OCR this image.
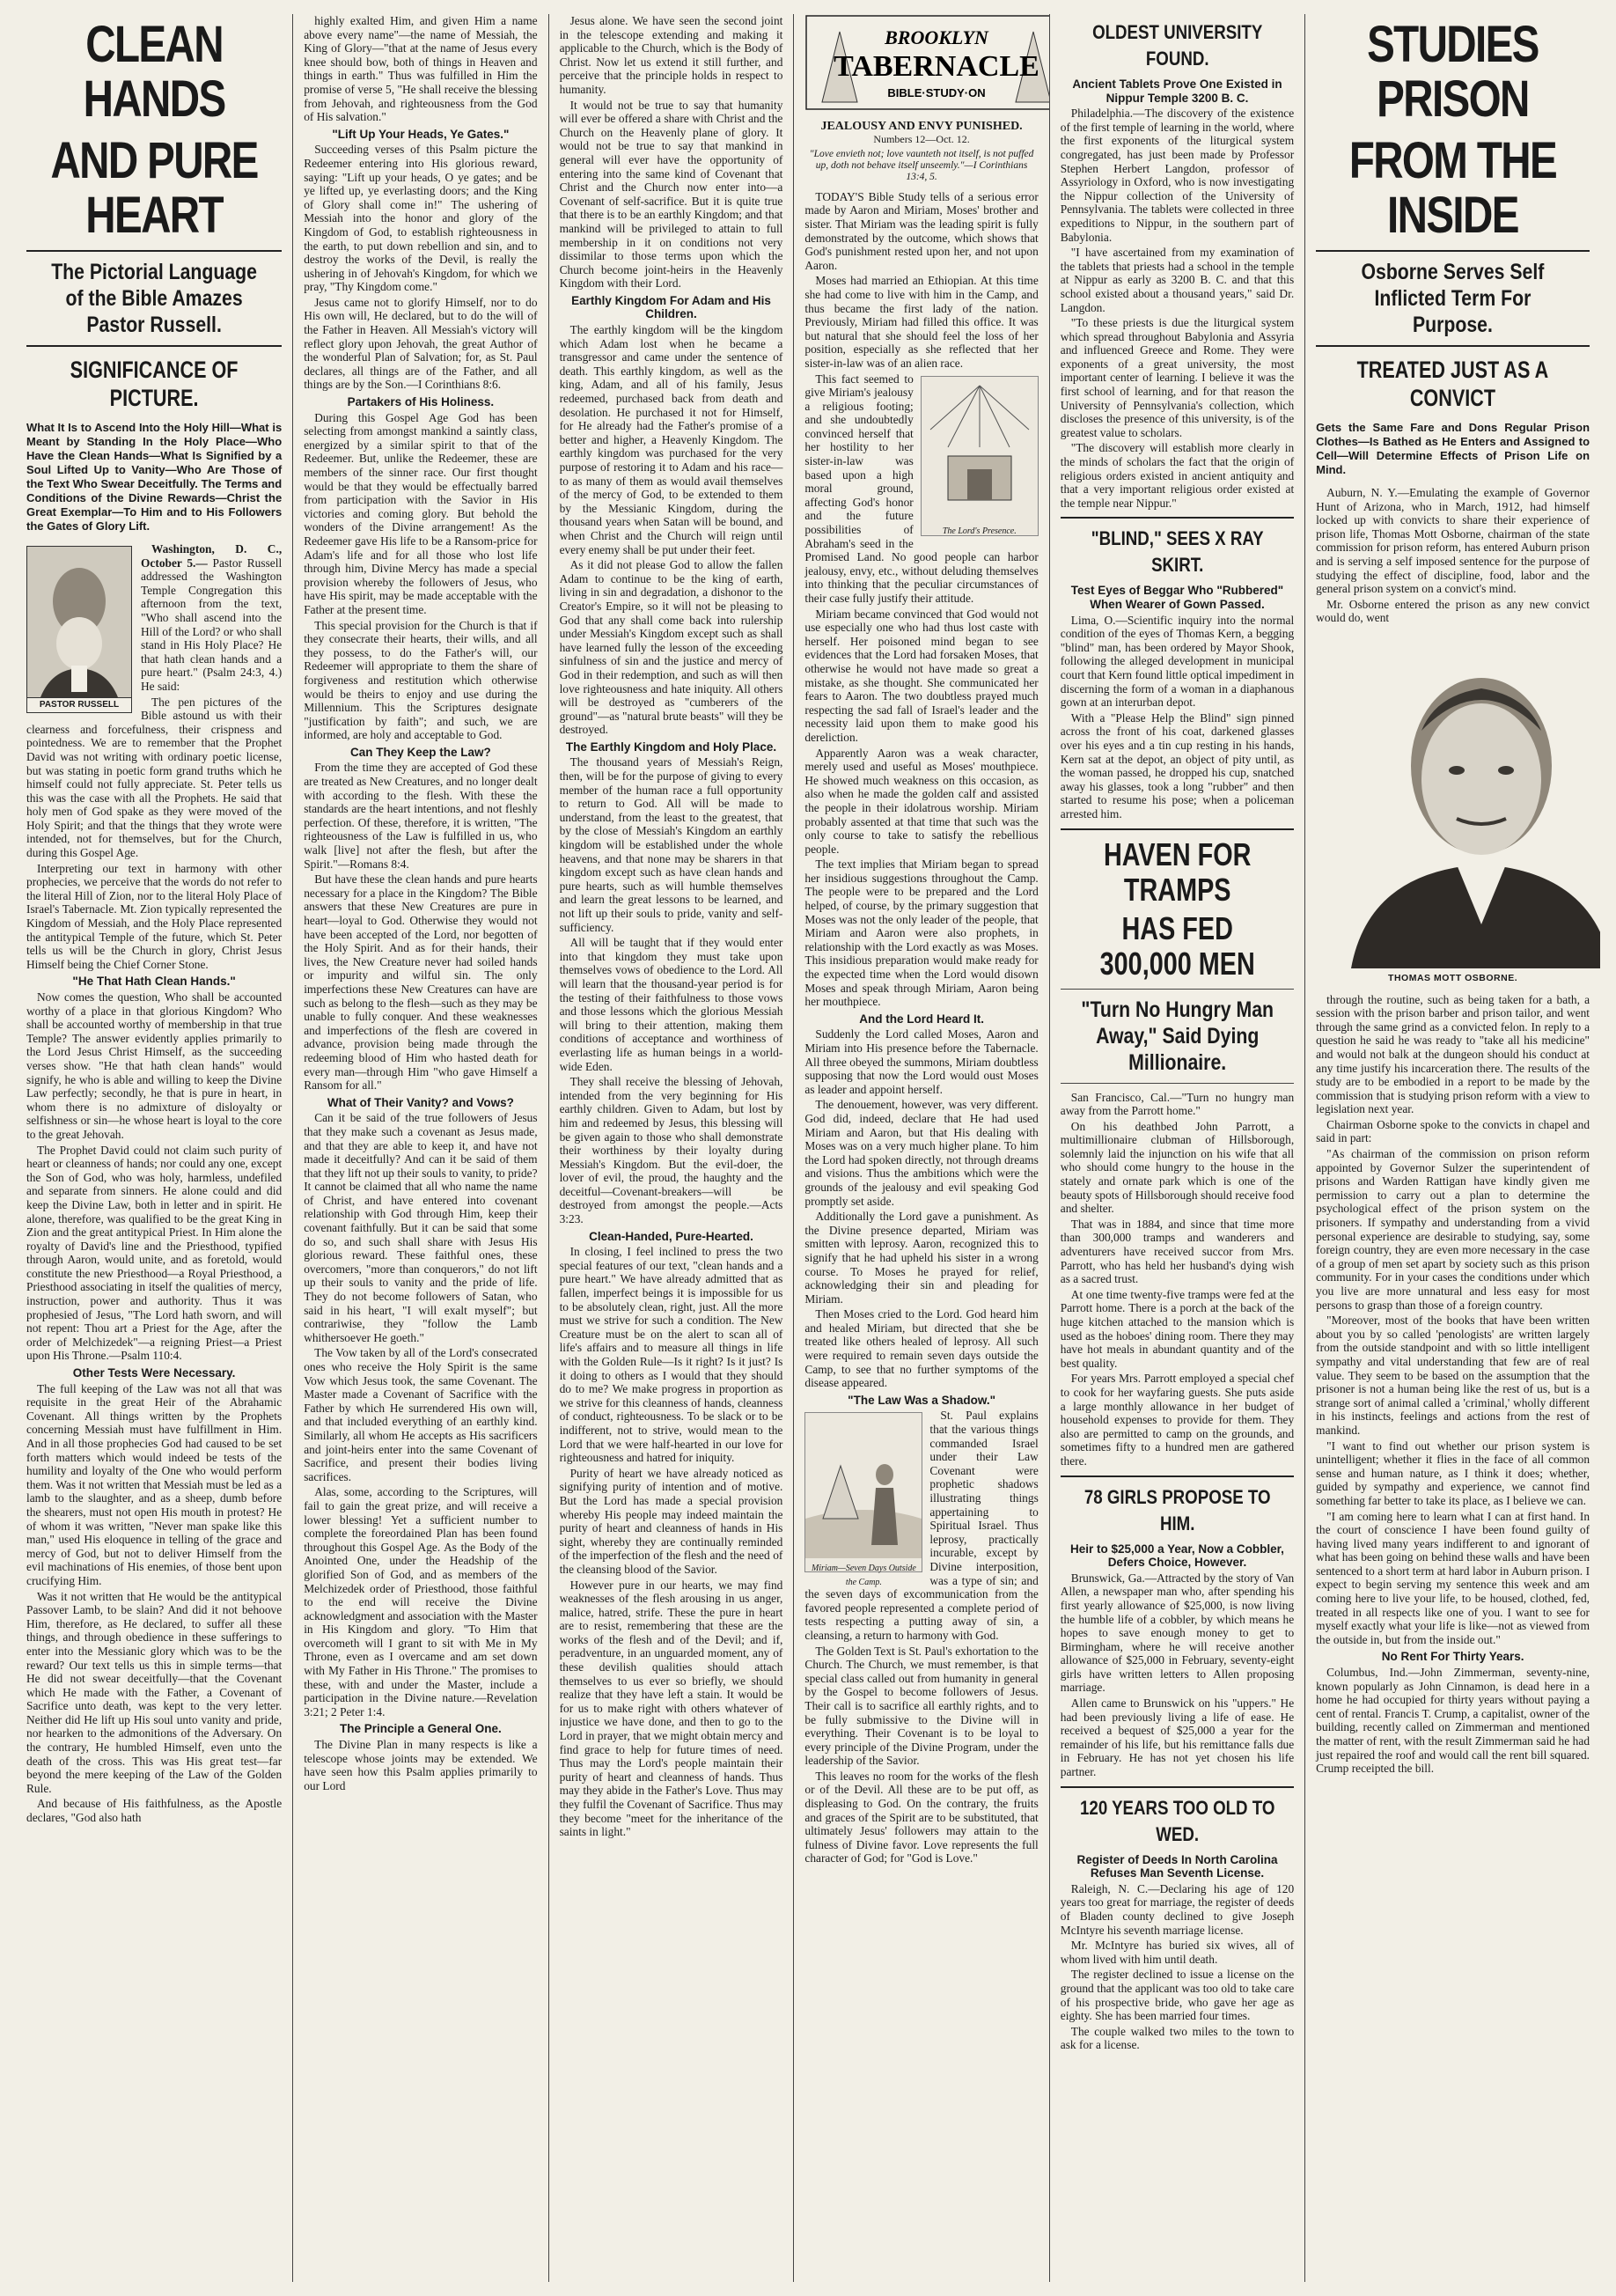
CLEAN HANDS
AND PURE HEART
The Pictorial Language of the Bible Amazes Pastor Russell.
SIGNIFICANCE OF PICTURE.
What It Is to Ascend Into the Holy Hill—What is Meant by Standing In the Holy Place—Who Have the Clean Hands—What Is Signified by a Soul Lifted Up to Vanity—Who Are Those of the Text Who Swear Deceitfully. The Terms and Conditions of the Divine Rewards—Christ the Great Exemplar—To Him and to His Followers the Gates of Glory Lift.
PASTOR RUSSELL

Washington, D. C., October 5.— Pastor Russell addressed the Washington Temple Congregation this afternoon from the text, "Who shall ascend into the Hill of the Lord? or who shall stand in His Holy Place? He that hath clean hands and a pure heart." (Psalm 24:3, 4.) He said:

The pen pictures of the Bible astound us with their clearness and forcefulness, their crispness and pointedness. We are to remember that the Prophet David was not writing with ordinary poetic license, but was stating in poetic form grand truths which he himself could not fully appreciate. St. Peter tells us this was the case with all the Prophets. He said that holy men of God spake as they were moved of the Holy Spirit; and that the things that they wrote were intended, not for themselves, but for the Church, during this Gospel Age.

Interpreting our text in harmony with other prophecies, we perceive that the words do not refer to the literal Hill of Zion, nor to the literal Holy Place of Israel's Tabernacle. Mt. Zion typically represented the Kingdom of Messiah, and the Holy Place represented the antitypical Temple of the future, which St. Peter tells us will be the Church in glory, Christ Jesus Himself being the Chief Corner Stone.

"He That Hath Clean Hands."

Now comes the question, Who shall be accounted worthy of a place in that glorious Kingdom? Who shall be accounted worthy of membership in that true Temple? The answer evidently applies primarily to the Lord Jesus Christ Himself, as the succeeding verses show. "He that hath clean hands" would signify, he who is able and willing to keep the Divine Law perfectly; secondly, he that is pure in heart, in whom there is no admixture of disloyalty or selfishness or sin—he whose heart is loyal to the core to the great Jehovah.

The Prophet David could not claim such purity of heart or cleanness of hands; nor could any one, except the Son of God, who was holy, harmless, undefiled and separate from sinners. He alone could and did keep the Divine Law, both in letter and in spirit. He alone, therefore, was qualified to be the great King in Zion and the great antitypical Priest. In Him alone the royalty of David's line and the Priesthood, typified through Aaron, would unite, and as foretold, would constitute the new Priesthood—a Royal Priesthood, a Priesthood associating in itself the qualities of mercy, instruction, power and authority. Thus it was prophesied of Jesus, "The Lord hath sworn, and will not repent: Thou art a Priest for the Age, after the order of Melchizedek"—a reigning Priest—a Priest upon His Throne.—Psalm 110:4.

Other Tests Were Necessary.

The full keeping of the Law was not all that was requisite in the great Heir of the Abrahamic Covenant. All things written by the Prophets concerning Messiah must have fulfillment in Him. And in all those prophecies God had caused to be set forth matters which would indeed be tests of the humility and loyalty of the One who would perform them. Was it not written that Messiah must be led as a lamb to the slaughter, and as a sheep, dumb before the shearers, must not open His mouth in protest? He of whom it was written, "Never man spake like this man," used His eloquence in telling of the grace and mercy of God, but not to deliver Himself from the evil machinations of His enemies, of those bent upon crucifying Him.

Was it not written that He would be the antitypical Passover Lamb, to be slain? And did it not behoove Him, therefore, as He declared, to suffer all these things, and through obedience in these sufferings to enter into the Messianic glory which was to be the reward? Our text tells us this in simple terms—that He did not swear deceitfully—that the Covenant which He made with the Father, a Covenant of Sacrifice unto death, was kept to the very letter. Neither did He lift up His soul unto vanity and pride, nor hearken to the admonitions of the Adversary. On the contrary, He humbled Himself, even unto the death of the cross. This was His great test—far beyond the mere keeping of the Law of the Golden Rule.

And because of His faithfulness, as the Apostle declares, "God also hath

highly exalted Him, and given Him a name above every name"—the name of Messiah, the King of Glory—"that at the name of Jesus every knee should bow, both of things in Heaven and things in earth." Thus was fulfilled in Him the promise of verse 5, "He shall receive the blessing from Jehovah, and righteousness from the God of His salvation."

"Lift Up Your Heads, Ye Gates."

Succeeding verses of this Psalm picture the Redeemer entering into His glorious reward, saying: "Lift up your heads, O ye gates; and be ye lifted up, ye everlasting doors; and the King of Glory shall come in!" The ushering of Messiah into the honor and glory of the Kingdom of God, to establish righteousness in the earth, to put down rebellion and sin, and to destroy the works of the Devil, is really the ushering in of Jehovah's Kingdom, for which we pray, "Thy Kingdom come."

Jesus came not to glorify Himself, nor to do His own will, He declared, but to do the will of the Father in Heaven. All Messiah's victory will reflect glory upon Jehovah, the great Author of the wonderful Plan of Salvation; for, as St. Paul declares, all things are of the Father, and all things are by the Son.—I Corinthians 8:6.

Partakers of His Holiness.

During this Gospel Age God has been selecting from amongst mankind a saintly class, energized by a similar spirit to that of the Redeemer. But, unlike the Redeemer, these are members of the sinner race. Our first thought would be that they would be effectually barred from participation with the Savior in His victories and coming glory. But behold the wonders of the Divine arrangement! As the Redeemer gave His life to be a Ransom-price for Adam's life and for all those who lost life through him, Divine Mercy has made a special provision whereby the followers of Jesus, who have His spirit, may be made acceptable with the Father at the present time.

This special provision for the Church is that if they consecrate their hearts, their wills, and all they possess, to do the Father's will, our Redeemer will appropriate to them the share of forgiveness and restitution which otherwise would be theirs to enjoy and use during the Millennium. This the Scriptures designate "justification by faith"; and such, we are informed, are holy and acceptable to God.

Can They Keep the Law?

From the time they are accepted of God these are treated as New Creatures, and no longer dealt with according to the flesh. With these the standards are the heart intentions, and not fleshly perfection. Of these, therefore, it is written, "The righteousness of the Law is fulfilled in us, who walk [live] not after the flesh, but after the Spirit."—Romans 8:4.

But have these the clean hands and pure hearts necessary for a place in the Kingdom? The Bible answers that these New Creatures are pure in heart—loyal to God. Otherwise they would not have been accepted of the Lord, nor begotten of the Holy Spirit. And as for their hands, their lives, the New Creature never had soiled hands or impurity and wilful sin. The only imperfections these New Creatures can have are such as belong to the flesh—such as they may be unable to fully conquer. And these weaknesses and imperfections of the flesh are covered in advance, provision being made through the redeeming blood of Him who hasted death for every man—through Him "who gave Himself a Ransom for all."

What of Their Vanity? and Vows?

Can it be said of the true followers of Jesus that they make such a covenant as Jesus made, and that they are able to keep it, and have not made it deceitfully? And can it be said of them that they lift not up their souls to vanity, to pride? It cannot be claimed that all who name the name of Christ, and have entered into covenant relationship with God through Him, keep their covenant faithfully. But it can be said that some do so, and such shall share with Jesus His glorious reward. These faithful ones, these overcomers, "more than conquerors," do not lift up their souls to vanity and the pride of life. They do not become followers of Satan, who said in his heart, "I will exalt myself"; but contrariwise, they "follow the Lamb whithersoever He goeth."

The Vow taken by all of the Lord's consecrated ones who receive the Holy Spirit is the same Vow which Jesus took, the same Covenant. The Master made a Covenant of Sacrifice with the Father by which He surrendered His own will, and that included everything of an earthly kind. Similarly, all whom He accepts as His sacrificers and joint-heirs enter into the same Covenant of Sacrifice, and present their bodies living sacrifices.

Alas, some, according to the Scriptures, will fail to gain the great prize, and will receive a lower blessing! Yet a sufficient number to complete the foreordained Plan has been found throughout this Gospel Age. As the Body of the Anointed One, under the Headship of the glorified Son of God, and as members of the Melchizedek order of Priesthood, those faithful to the end will receive the Divine acknowledgment and association with the Master in His Kingdom and glory. "To Him that overcometh will I grant to sit with Me in My Throne, even as I overcame and am set down with My Father in His Throne." The promises to these, with and under the Master, include a participation in the Divine nature.—Revelation 3:21; 2 Peter 1:4.

The Principle a General One.

The Divine Plan in many respects is like a telescope whose joints may be extended. We have seen how this Psalm applies primarily to our Lord

Jesus alone. We have seen the second joint in the telescope extending and making it applicable to the Church, which is the Body of Christ. Now let us extend it still further, and perceive that the principle holds in respect to humanity.

It would not be true to say that humanity will ever be offered a share with Christ and the Church on the Heavenly plane of glory. It would not be true to say that mankind in general will ever have the opportunity of entering into the same kind of Covenant that Christ and the Church now enter into—a Covenant of self-sacrifice. But it is quite true that there is to be an earthly Kingdom; and that mankind will be privileged to attain to full membership in it on conditions not very dissimilar to those terms upon which the Church become joint-heirs in the Heavenly Kingdom with their Lord.

Earthly Kingdom For Adam and His Children.

The earthly kingdom will be the kingdom which Adam lost when he became a transgressor and came under the sentence of death. This earthly kingdom, as well as the king, Adam, and all of his family, Jesus redeemed, purchased back from death and desolation. He purchased it not for Himself, for He already had the Father's promise of a better and higher, a Heavenly Kingdom. The earthly kingdom was purchased for the very purpose of restoring it to Adam and his race—to as many of them as would avail themselves of the mercy of God, to be extended to them by the Messianic Kingdom, during the thousand years when Satan will be bound, and when Christ and the Church will reign until every enemy shall be put under their feet.

As it did not please God to allow the fallen Adam to continue to be the king of earth, living in sin and degradation, a dishonor to the Creator's Empire, so it will not be pleasing to God that any shall come back into rulership under Messiah's Kingdom except such as shall have learned fully the lesson of the exceeding sinfulness of sin and the justice and mercy of God in their redemption, and such as will then love righteousness and hate iniquity. All others will be destroyed as "cumberers of the ground"—as "natural brute beasts" will they be destroyed.

The Earthly Kingdom and Holy Place.

The thousand years of Messiah's Reign, then, will be for the purpose of giving to every member of the human race a full opportunity to return to God. All will be made to understand, from the least to the greatest, that by the close of Messiah's Kingdom an earthly kingdom will be established under the whole heavens, and that none may be sharers in that kingdom except such as have clean hands and pure hearts, such as will humble themselves and learn the great lessons to be learned, and not lift up their souls to pride, vanity and self-sufficiency.

All will be taught that if they would enter into that kingdom they must take upon themselves vows of obedience to the Lord. All will learn that the thousand-year period is for the testing of their faithfulness to those vows and those lessons which the glorious Messiah will bring to their attention, making them conditions of acceptance and worthiness of everlasting life as human beings in a world-wide Eden.

They shall receive the blessing of Jehovah, intended from the very beginning for His earthly children. Given to Adam, but lost by him and redeemed by Jesus, this blessing will be given again to those who shall demonstrate their worthiness by their loyalty during Messiah's Kingdom. But the evil-doer, the lover of evil, the proud, the haughty and the deceitful—Covenant-breakers—will be destroyed from amongst the people.—Acts 3:23.

Clean-Handed, Pure-Hearted.

In closing, I feel inclined to press the two special features of our text, "clean hands and a pure heart." We have already admitted that as fallen, imperfect beings it is impossible for us to be absolutely clean, right, just. All the more must we strive for such a condition. The New Creature must be on the alert to scan all of life's affairs and to measure all things in life with the Golden Rule—Is it right? Is it just? Is it doing to others as I would that they should do to me? We make progress in proportion as we strive for this cleanness of hands, cleanness of conduct, righteousness. To be slack or to be indifferent, not to strive, would mean to the Lord that we were half-hearted in our love for righteousness and hatred for iniquity.

Purity of heart we have already noticed as signifying purity of intention and of motive. But the Lord has made a special provision whereby His people may indeed maintain the purity of heart and cleanness of hands in His sight, whereby they are continually reminded of the imperfection of the flesh and the need of the cleansing blood of the Savior.

However pure in our hearts, we may find weaknesses of the flesh arousing in us anger, malice, hatred, strife. These the pure in heart are to resist, remembering that these are the works of the flesh and of the Devil; and if, peradventure, in an unguarded moment, any of these devilish qualities should attach themselves to us ever so briefly, we should realize that they have left a stain. It would be for us to make right with others whatever of injustice we have done, and then to go to the Lord in prayer, that we might obtain mercy and find grace to help for future times of need. Thus may the Lord's people maintain their purity of heart and cleanness of hands. Thus may they abide in the Father's Love. Thus may they fulfil the Covenant of Sacrifice. Thus may they become "meet for the inheritance of the saints in light."

BROOKLYN
TABERNACLE
BIBLE·STUDY·ON
JEALOUSY AND ENVY PUNISHED.
Numbers 12—Oct. 12.
"Love envieth not; love vaunteth not itself, is not puffed up, doth not behave itself unseemly."—I Corinthians 13:4, 5.

TODAY'S Bible Study tells of a serious error made by Aaron and Miriam, Moses' brother and sister. That Miriam was the leading spirit is fully demonstrated by the outcome, which shows that God's punishment rested upon her, and not upon Aaron.

Moses had married an Ethiopian. At this time she had come to live with him in the Camp, and thus became the first lady of the nation. Previously, Miriam had filled this office. It was but natural that she should feel the loss of her position, especially as she reflected that her sister-in-law was of an alien race.

The Lord's Presence.

This fact seemed to give Miriam's jealousy a religious footing; and she undoubtedly convinced herself that her hostility to her sister-in-law was based upon a high moral ground, affecting God's honor and the future possibilities of Abraham's seed in the Promised Land. No good people can harbor jealousy, envy, etc., without deluding themselves into thinking that the peculiar circumstances of their case fully justify their attitude.

Miriam became convinced that God would not use especially one who had thus lost caste with herself. Her poisoned mind began to see evidences that the Lord had forsaken Moses, that otherwise he would not have made so great a mistake, as she thought. She communicated her fears to Aaron. The two doubtless prayed much respecting the sad fall of Israel's leader and the necessity laid upon them to make good his dereliction.

Apparently Aaron was a weak character, merely used and useful as Moses' mouthpiece. He showed much weakness on this occasion, as also when he made the golden calf and assisted the people in their idolatrous worship. Miriam probably assented at that time that such was the only course to take to satisfy the rebellious people.

The text implies that Miriam began to spread her insidious suggestions throughout the Camp. The people were to be prepared and the Lord helped, of course, by the primary suggestion that Moses was not the only leader of the people, that Miriam and Aaron were also prophets, in relationship with the Lord exactly as was Moses. This insidious preparation would make ready for the expected time when the Lord would disown Moses and speak through Miriam, Aaron being her mouthpiece.

And the Lord Heard It.

Suddenly the Lord called Moses, Aaron and Miriam into His presence before the Tabernacle. All three obeyed the summons, Miriam doubtless supposing that now the Lord would oust Moses as leader and appoint herself.

The denouement, however, was very different. God did, indeed, declare that He had used Miriam and Aaron, but that His dealing with Moses was on a very much higher plane. To him the Lord had spoken directly, not through dreams and visions. Thus the ambitions which were the grounds of the jealousy and evil speaking God promptly set aside.

Additionally the Lord gave a punishment. As the Divine presence departed, Miriam was smitten with leprosy. Aaron, recognized this to signify that he had upheld his sister in a wrong course. To Moses he prayed for relief, acknowledging their sin and pleading for Miriam.

Then Moses cried to the Lord. God heard him and healed Miriam, but directed that she be treated like others healed of leprosy. All such were required to remain seven days outside the Camp, to see that no further symptoms of the disease appeared.

"The Law Was a Shadow."
Miriam—Seven Days Outside the Camp.

St. Paul explains that the various things commanded Israel under their Law Covenant were prophetic shadows illustrating things appertaining to Spiritual Israel. Thus leprosy, practically incurable, except by Divine interposition, was a type of sin; and the seven days of excommunication from the favored people represented a complete period of tests respecting a putting away of sin, a cleansing, a return to harmony with God.

The Golden Text is St. Paul's exhortation to the Church. The Church, we must remember, is that special class called out from humanity in general by the Gospel to become followers of Jesus. Their call is to sacrifice all earthly rights, and to be fully submissive to the Divine will in everything. Their Covenant is to be loyal to every principle of the Divine Program, under the leadership of the Savior.

This leaves no room for the works of the flesh or of the Devil. All these are to be put off, as displeasing to God. On the contrary, the fruits and graces of the Spirit are to be substituted, that ultimately Jesus' followers may attain to the fulness of Divine favor. Love represents the full character of God; for "God is Love."

OLDEST UNIVERSITY FOUND.
Ancient Tablets Prove One Existed in Nippur Temple 3200 B. C.

Philadelphia.—The discovery of the existence of the first temple of learning in the world, where the first exponents of the liturgical system congregated, has just been made by Professor Stephen Herbert Langdon, professor of Assyriology in Oxford, who is now investigating the Nippur collection of the University of Pennsylvania. The tablets were collected in three expeditions to Nippur, in the southern part of Babylonia.

"I have ascertained from my examination of the tablets that priests had a school in the temple at Nippur as early as 3200 B. C. and that this school existed about a thousand years," said Dr. Langdon.

"To these priests is due the liturgical system which spread throughout Babylonia and Assyria and influenced Greece and Rome. They were exponents of a great university, the most important center of learning. I believe it was the first school of learning, and for that reason the University of Pennsylvania's collection, which discloses the presence of this university, is of the greatest value to scholars.

"The discovery will establish more clearly in the minds of scholars the fact that the origin of religious orders existed in ancient antiquity and that a very important religious order existed at the temple near Nippur."

"BLIND," SEES X RAY SKIRT.
Test Eyes of Beggar Who "Rubbered" When Wearer of Gown Passed.

Lima, O.—Scientific inquiry into the normal condition of the eyes of Thomas Kern, a begging "blind" man, has been ordered by Mayor Shook, following the alleged development in municipal court that Kern found little optical impediment in discerning the form of a woman in a diaphanous gown at an interurban depot.

With a "Please Help the Blind" sign pinned across the front of his coat, darkened glasses over his eyes and a tin cup resting in his hands, Kern sat at the depot, an object of pity until, as the woman passed, he dropped his cup, snatched away his glasses, took a long "rubber" and then started to resume his pose; when a policeman arrested him.

HAVEN FOR TRAMPS
HAS FED 300,000 MEN
"Turn No Hungry Man Away," Said Dying Millionaire.

San Francisco, Cal.—"Turn no hungry man away from the Parrott home."

On his deathbed John Parrott, a multimillionaire clubman of Hillsborough, solemnly laid the injunction on his wife that all who should come hungry to the house in the stately and ornate park which is one of the beauty spots of Hillsborough should receive food and shelter.

That was in 1884, and since that time more than 300,000 tramps and wanderers and adventurers have received succor from Mrs. Parrott, who has held her husband's dying wish as a sacred trust.

At one time twenty-five tramps were fed at the Parrott home. There is a porch at the back of the huge kitchen attached to the mansion which is used as the hoboes' dining room. There they may have hot meals in abundant quantity and of the best quality.

For years Mrs. Parrott employed a special chef to cook for her wayfaring guests. She puts aside a large monthly allowance in her budget of household expenses to provide for them. They also are permitted to camp on the grounds, and sometimes fifty to a hundred men are gathered there.

78 GIRLS PROPOSE TO HIM.
Heir to $25,000 a Year, Now a Cobbler, Defers Choice, However.

Brunswick, Ga.—Attracted by the story of Van Allen, a newspaper man who, after spending his first yearly allowance of $25,000, is now living the humble life of a cobbler, by which means he hopes to save enough money to get to Birmingham, where he will receive another allowance of $25,000 in February, seventy-eight girls have written letters to Allen proposing marriage.

Allen came to Brunswick on his "uppers." He had been previously living a life of ease. He received a bequest of $25,000 a year for the remainder of his life, but his remittance falls due in February. He has not yet chosen his life partner.

120 YEARS TOO OLD TO WED.
Register of Deeds In North Carolina Refuses Man Seventh License.

Raleigh, N. C.—Declaring his age of 120 years too great for marriage, the register of deeds of Bladen county declined to give Joseph McIntyre his seventh marriage license.

Mr. McIntyre has buried six wives, all of whom lived with him until death.

The register declined to issue a license on the ground that the applicant was too old to take care of his prospective bride, who gave her age as eighty. She has been married four times.

The couple walked two miles to the town to ask for a license.

STUDIES PRISON
FROM THE INSIDE
Osborne Serves Self Inflicted Term For Purpose.
TREATED JUST AS A CONVICT
Gets the Same Fare and Dons Regular Prison Clothes—Is Bathed as He Enters and Assigned to Cell—Will Determine Effects of Prison Life on Mind.

Auburn, N. Y.—Emulating the example of Governor Hunt of Arizona, who in March, 1912, had himself locked up with convicts to share their experience of prison life, Thomas Mott Osborne, chairman of the state commission for prison reform, has entered Auburn prison and is serving a self imposed sentence for the purpose of studying the effect of discipline, food, labor and the general prison system on a convict's mind.

Mr. Osborne entered the prison as any new convict would do, went

THOMAS MOTT OSBORNE.

through the routine, such as being taken for a bath, a session with the prison barber and prison tailor, and went through the same grind as a convicted felon. In reply to a question he said he was ready to "take all his medicine" and would not balk at the dungeon should his conduct at any time justify his incarceration there. The results of the study are to be embodied in a report to be made by the commission that is studying prison reform with a view to legislation next year.

Chairman Osborne spoke to the convicts in chapel and said in part:

"As chairman of the commission on prison reform appointed by Governor Sulzer the superintendent of prisons and Warden Rattigan have kindly given me permission to carry out a plan to determine the psychological effect of the prison system on the prisoners. If sympathy and understanding from a vivid personal experience are desirable to studying, say, some foreign country, they are even more necessary in the case of a group of men set apart by society such as this prison community. For in your cases the conditions under which you live are more unnatural and less easy for most persons to grasp than those of a foreign country.

"Moreover, most of the books that have been written about you by so called 'penologists' are written largely from the outside standpoint and with so little intelligent sympathy and vital understanding that few are of real value. They seem to be based on the assumption that the prisoner is not a human being like the rest of us, but is a strange sort of animal called a 'criminal,' wholly different in his instincts, feelings and actions from the rest of mankind.

"I want to find out whether our prison system is unintelligent; whether it flies in the face of all common sense and human nature, as I think it does; whether, guided by sympathy and experience, we cannot find something far better to take its place, as I believe we can.

"I am coming here to learn what I can at first hand. In the court of conscience I have been found guilty of having lived many years indifferent to and ignorant of what has been going on behind these walls and have been sentenced to a short term at hard labor in Auburn prison. I expect to begin serving my sentence this week and am coming here to live your life, to be housed, clothed, fed, treated in all respects like one of you. I want to see for myself exactly what your life is like—not as viewed from the outside in, but from the inside out."

No Rent For Thirty Years.

Columbus, Ind.—John Zimmerman, seventy-nine, known popularly as John Cinnamon, is dead here in a home he had occupied for thirty years without paying a cent of rental. Francis T. Crump, a capitalist, owner of the building, recently called on Zimmerman and mentioned the matter of rent, with the result Zimmerman said he had just repaired the roof and would call the rent bill squared. Crump receipted the bill.
